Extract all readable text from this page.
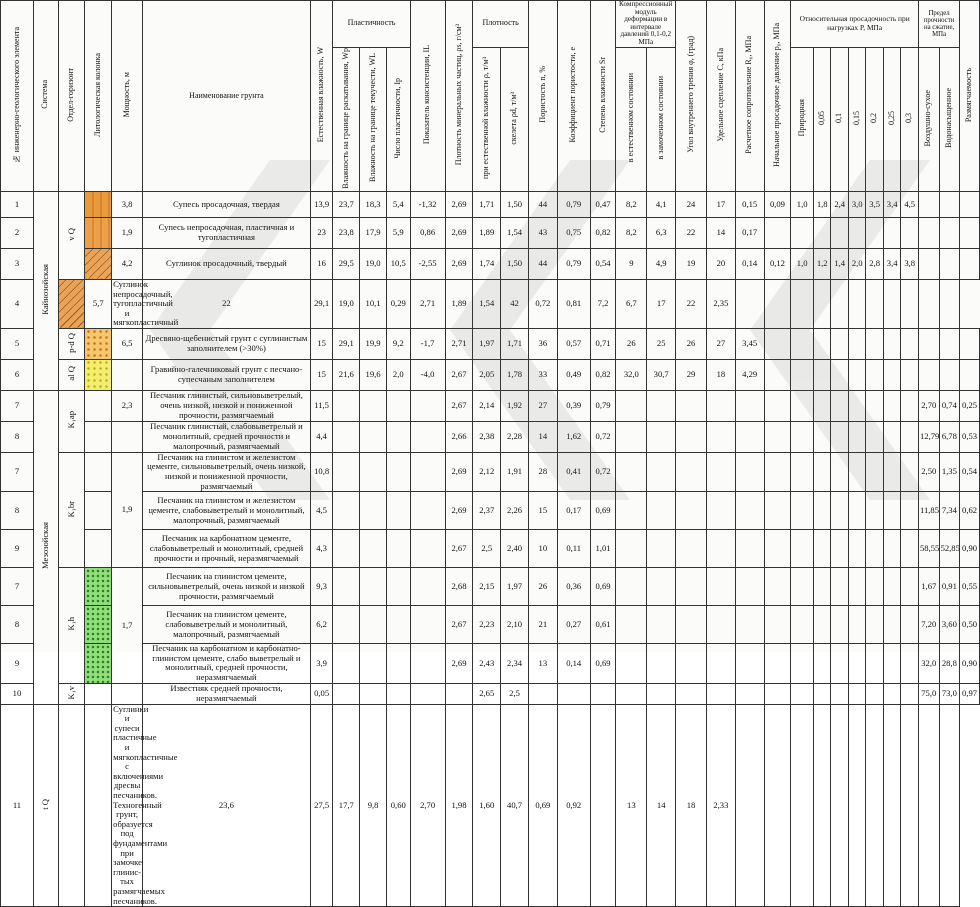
№ инженерно-геологического элемента	Система	Отдел-горизонт	Литологическая колонка	Мощность, м	Наименование грунта	Естественная влажность, W	Пластичность			Показатель консистенции, IL	Плотность минеральных частиц, ρs, г/см³	Плотность		Пористость n, %	Коэффициент пористости, e	Степень влажности Sr	Компрессионный модуль деформации в интервале давлений 0,1-0,2 МПа		Угол внутреннего трения φ, (град)	Удельное сцепление C, кПа	Расчетное сопротивление R₀, МПа	Начальное просадочное давление p₀, МПа	Относительная просадочность при нагрузках P, МПа							Предел прочности на сжатие, МПа		Размягчаемость
							Влажность на границе раскатывания, Wp	Влажность на границе текучести, WL	Число пластичности, Ip			при естественной влажности ρ, т/м³	скелета ρd, т/м³				в естественном состоянии	в замоченном состоянии					Природная	0,05	0,1	0,15	0,2	0,25	0,3	Воздушно-сухое	Водонасыщенное	
1	Кайнозойская	v Q		3,8	Супесь просадочная, твердая	13,9	23,7	18,3	5,4	-1,32	2,69	1,71	1,50	44	0,79	0,47	8,2	4,1	24	17	0,15	0,09	1,0	1,8	2,4	3,0	3,5	3,4	4,5			
2				1,9	Супесь непросадочная, пластичная и тугопластичная	23	23,8	17,9	5,9	0,86	2,69	1,89	1,54	43	0,75	0,82	8,2	6,3	22	14	0,17											
3				4,2	Суглинок просадочный, твердый	16	29,5	19,0	10,5	-2,55	2,69	1,74	1,50	44	0,79	0,54	9	4,9	19	20	0,14	0,12	1,0	1,2	1,4	2,0	2,8	3,4	3,8			
4			5,7	Суглинок непросадочный, тугопластичный и мягкопластичный	22	29,1	19,0	10,1	0,29	2,71	1,89	1,54	42	0,72	0,81	7,2	6,7	17	22	2,35												
5		p-d Q		6,5	Дресвяно-щебенистый грунт с суглинистым заполнителем (>30%)	15	29,1	19,9	9,2	-1,7	2,71	1,97	1,71	36	0,57	0,71	26	25	26	27	3,45											
6		al Q			Гравийно-галечниковый грунт с песчано-супесчаным заполнителем	15	21,6	19,6	2,0	-4,0	2,67	2,05	1,78	33	0,49	0,82	32,0	30,7	29	18	4,29											
7	Мезозойская	K₁ap		2,3	Песчаник глинистый, сильновыветрелый, очень низкой, низкой и пониженной прочности, размягчаемый	11,5					2,67	2,14	1,92	27	0,39	0,79														2,70	0,74	0,25
8					Песчаник глинистый, слабовыветрелый и монолитный, средней прочности и малопрочный, размягчаемый	4,4					2,66	2,38	2,28	14	1,62	0,72														12,79	6,78	0,53
7		K₁br		1,9	Песчаник на глинистом и железистом цементе, сильновыветрелый, очень низкой, низкой и пониженной прочности, размягчаемый	10,8					2,69	2,12	1,91	28	0,41	0,72														2,50	1,35	0,54
8					Песчаник на глинистом и железистом цементе, слабовыветрелый и монолитный, малопрочный, размягчаемый	4,5					2,69	2,37	2,26	15	0,17	0,69														11,85	7,34	0,62
9					Песчаник на карбонатном цементе, слабовыветрелый и монолитный, средней прочности и прочный, неразмягчаемый	4,3					2,67	2,5	2,40	10	0,11	1,01														58,55	52,85	0,90
7		K₁h		1,7	Песчаник на глинистом цементе, сильновыветрелый, очень низкой и низкой прочности, размягчаемый	9,3					2,68	2,15	1,97	26	0,36	0,69														1,67	0,91	0,55
8					Песчаник на глинистом цементе, слабовыветрелый и монолитный, малопрочный, размягчаемый	6,2					2,67	2,23	2,10	21	0,27	0,61														7,20	3,60	0,50
9					Песчаник на карбонатном и карбонатно-глинистом цементе, слабо выветрелый и монолитный, средней прочности, неразмягчаемый	3,9					2,69	2,43	2,34	13	0,14	0,69														32,0	28,8	0,90
10		K₁v			Известняк средней прочности, неразмягчаемый	0,05						2,65	2,5																	75,0	73,0	0,97
11	t Q			Суглинки и супеси пластичные и мягкопластичные с включениями дресвы песчаников. Техногенный грунт, образуется под фундаментами при замочке глинис-тых размягчаемых песчаников.	23,6	27,5	17,7	9,8	0,60	2,70	1,98	1,60	40,7	0,69	0,92		13	14	18	2,33												
